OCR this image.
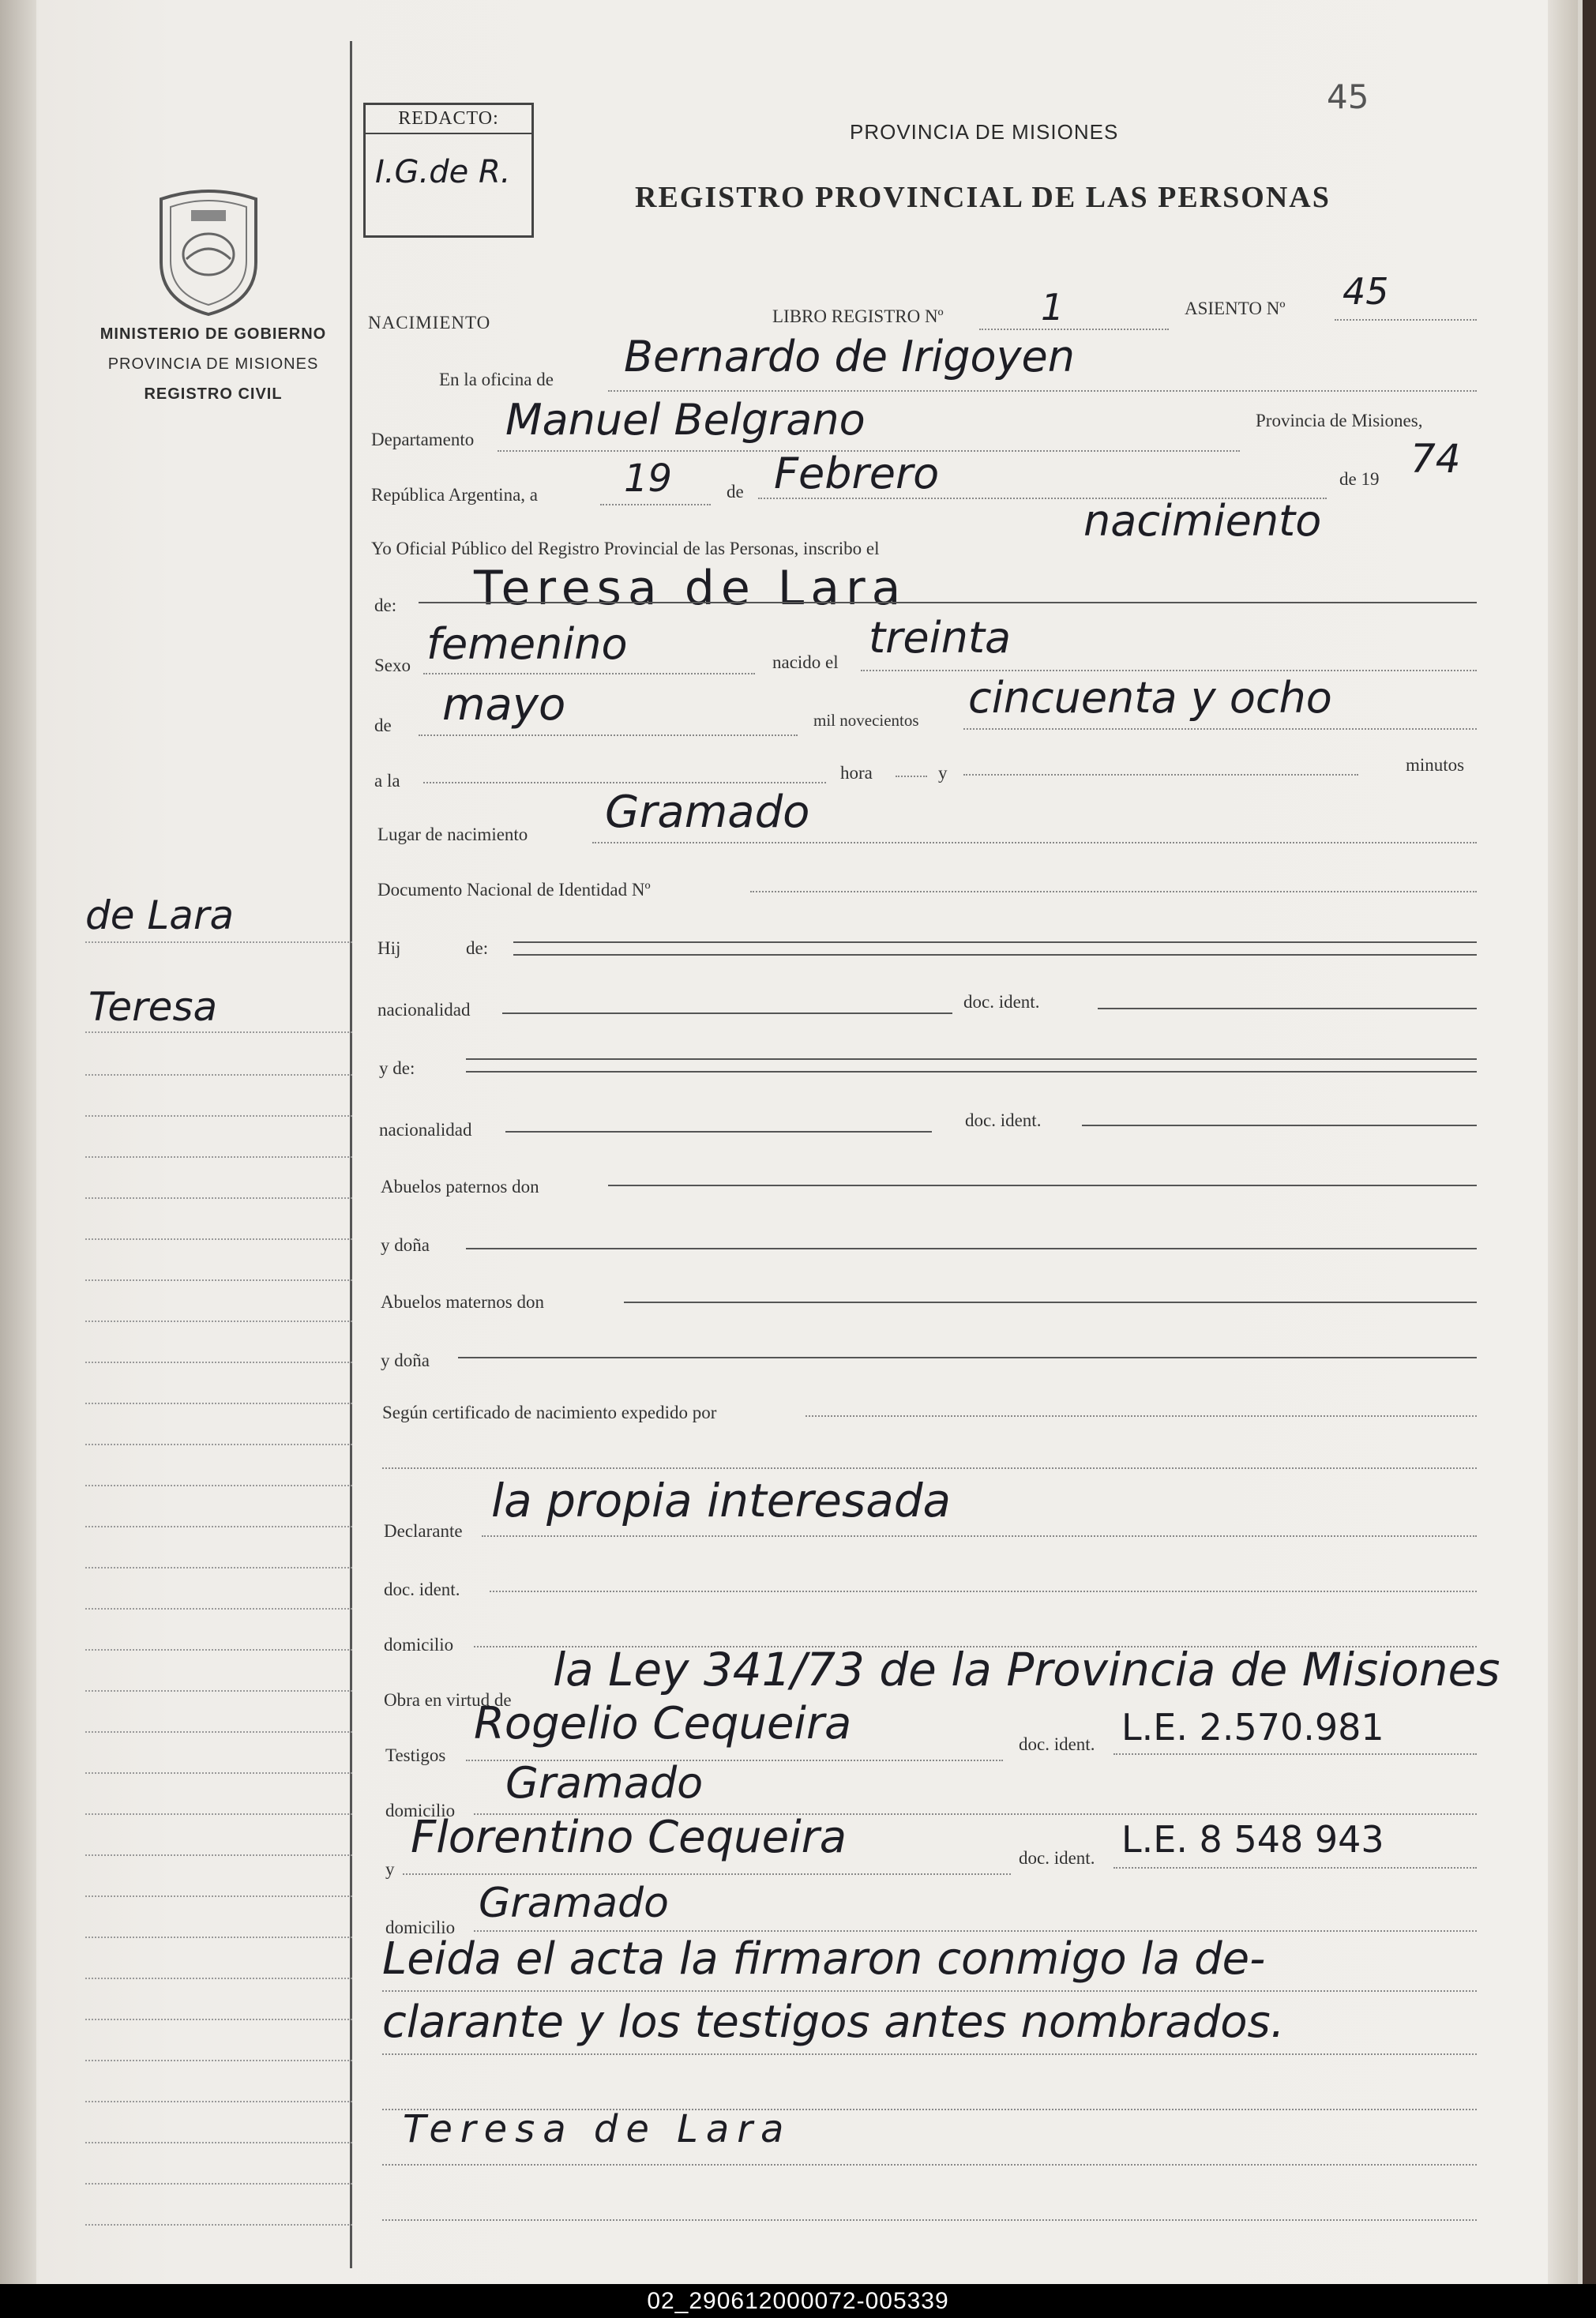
MINISTERIO DE GOBIERNO
PROVINCIA DE MISIONES
REGISTRO CIVIL
de Lara
Teresa
REDACTO:
I.G.de R.
45
PROVINCIA DE MISIONES
REGISTRO PROVINCIAL DE LAS PERSONAS
NACIMIENTO	LIBRO REGISTRO Nº	1	ASIENTO Nº 45
En la oficina de Bernardo de Irigoyen
Departamento Manuel Belgrano	Provincia de Misiones,
República Argentina, a 19	de Febrero	de 19 74
Yo Oficial Público del Registro Provincial de las Personas, inscribo el
nacimiento
de: Teresa de Lara
Sexo femenino	nacido el treinta
de mayo	mil novecientos cincuenta y ocho
a la	hora	y	minutos
Lugar de nacimiento Gramado
Documento Nacional de Identidad Nº
Hij	de:
nacionalidad	doc. ident.
y de:
nacionalidad	doc. ident.
Abuelos paternos don
y doña
Abuelos maternos don
y doña
Según certificado de nacimiento expedido por
Declarante
la propia interesada
doc. ident.
domicilio
Obra en virtud de
la Ley 341/73 de la Provincia de Misiones
Testigos
Rogelio Cequeira	doc. ident. L.E. 2.570.981
domicilio
Gramado
y
Florentino Cequeira	doc. ident. L.E. 8 548 943
domicilio
Gramado
Leida el acta la firmaron conmigo la de-
clarante y los testigos antes nombrados.
Teresa de Lara
02_290612000072-005339
